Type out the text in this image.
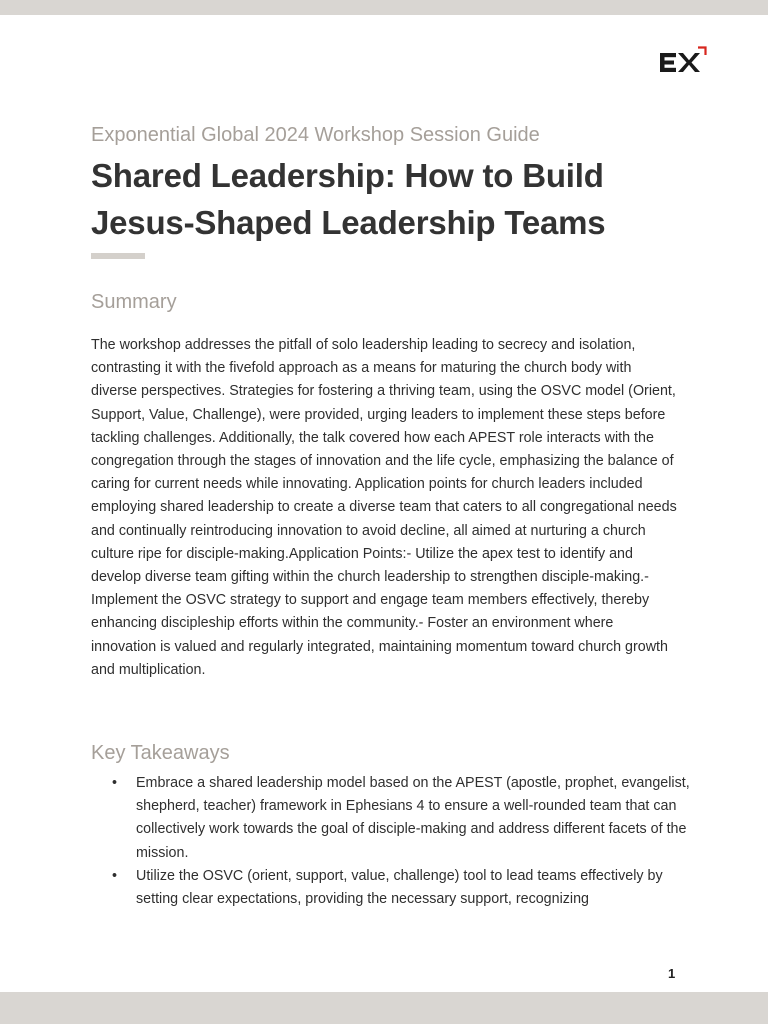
Exponential Global 2024 Workshop Session Guide
Shared Leadership: How to Build Jesus-Shaped Leadership Teams
Summary

The workshop addresses the pitfall of solo leadership leading to secrecy and isolation, contrasting it with the fivefold approach as a means for maturing the church body with diverse perspectives. Strategies for fostering a thriving team, using the OSVC model (Orient, Support, Value, Challenge), were provided, urging leaders to implement these steps before tackling challenges. Additionally, the talk covered how each APEST role interacts with the congregation through the stages of innovation and the life cycle, emphasizing the balance of caring for current needs while innovating. Application points for church leaders included employing shared leadership to create a diverse team that caters to all congregational needs and continually reintroducing innovation to avoid decline, all aimed at nurturing a church culture ripe for disciple-making.Application Points:- Utilize the apex test to identify and develop diverse team gifting within the church leadership to strengthen disciple-making.- Implement the OSVC strategy to support and engage team members effectively, thereby enhancing discipleship efforts within the community.- Foster an environment where innovation is valued and regularly integrated, maintaining momentum toward church growth and multiplication.

Key Takeaways
• Embrace a shared leadership model based on the APEST (apostle, prophet, evangelist, shepherd, teacher) framework in Ephesians 4 to ensure a well-rounded team that can collectively work towards the goal of disciple-making and address different facets of the mission.
• Utilize the OSVC (orient, support, value, challenge) tool to lead teams effectively by setting clear expectations, providing the necessary support, recognizing
1
